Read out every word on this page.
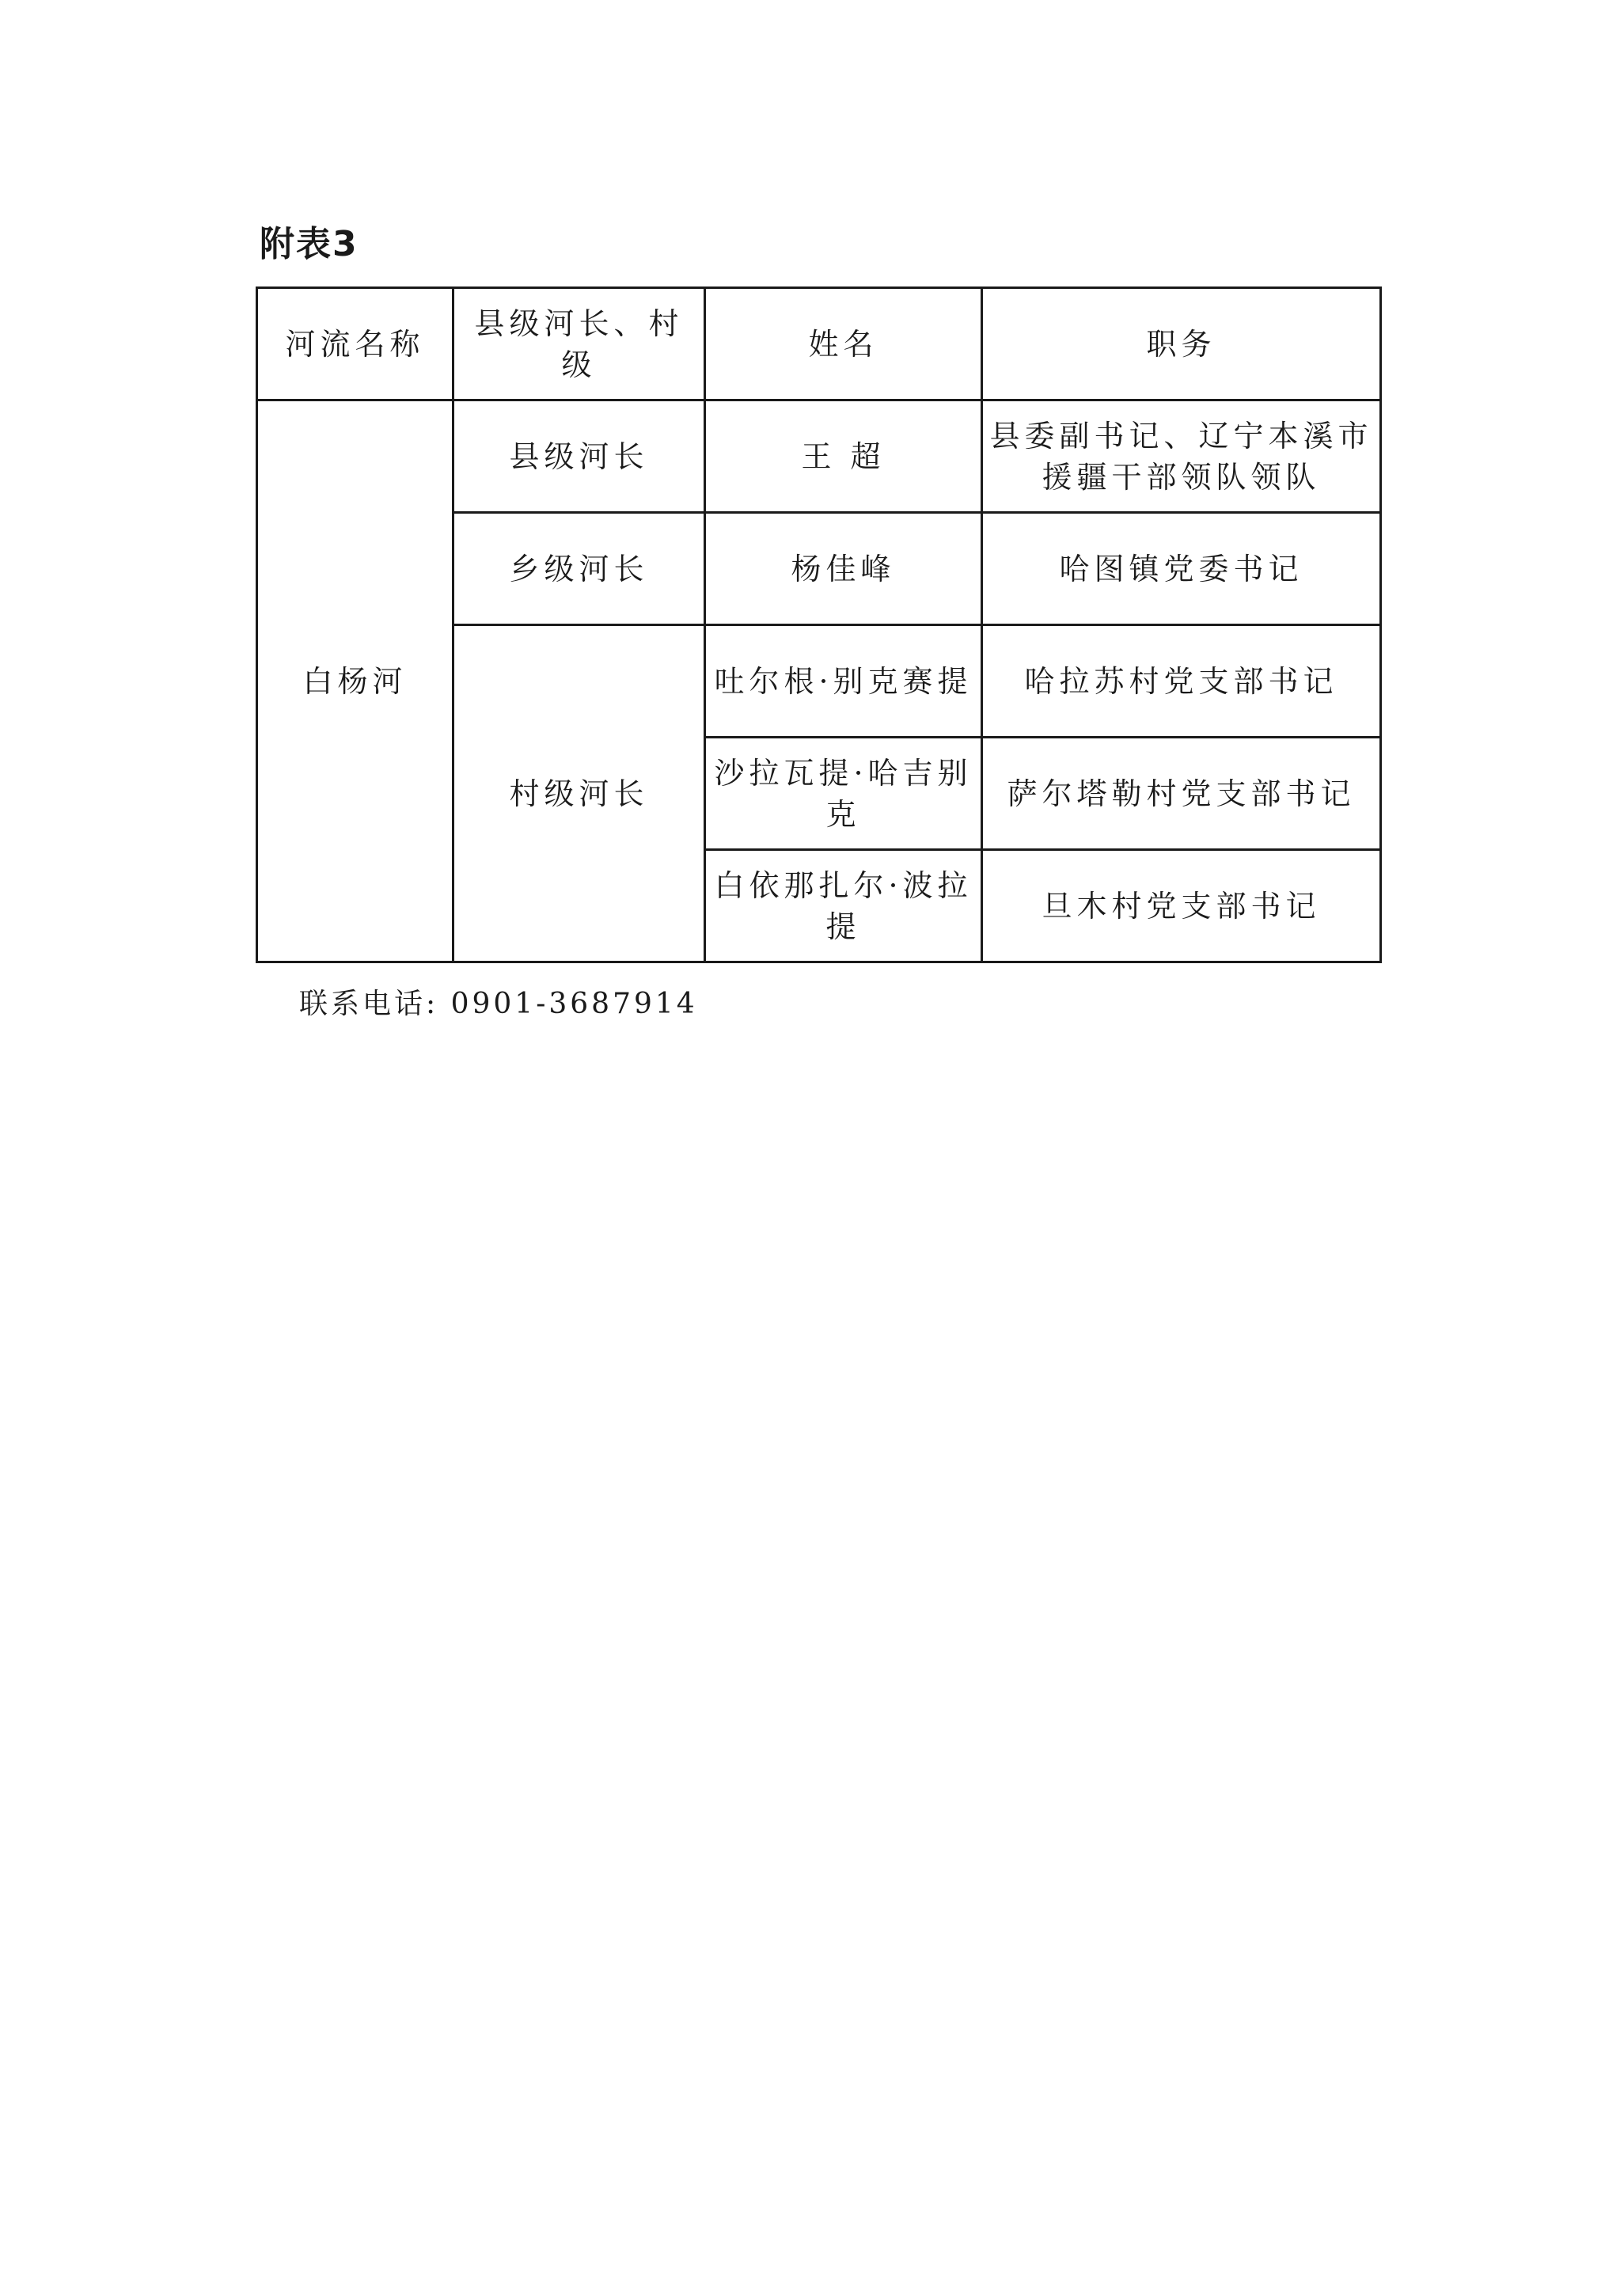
附表3
河流名称	县级河长、村级	姓名	职务
白杨河	县级河长	王 超	县委副书记、辽宁本溪市援疆干部领队领队
	乡级河长	杨佳峰	哈图镇党委书记
	村级河长	吐尔根·别克赛提	哈拉苏村党支部书记
		沙拉瓦提·哈吉别克	萨尔塔勒村党支部书记
		白依那扎尔·波拉提	旦木村党支部书记
联系电话: 0901-3687914
